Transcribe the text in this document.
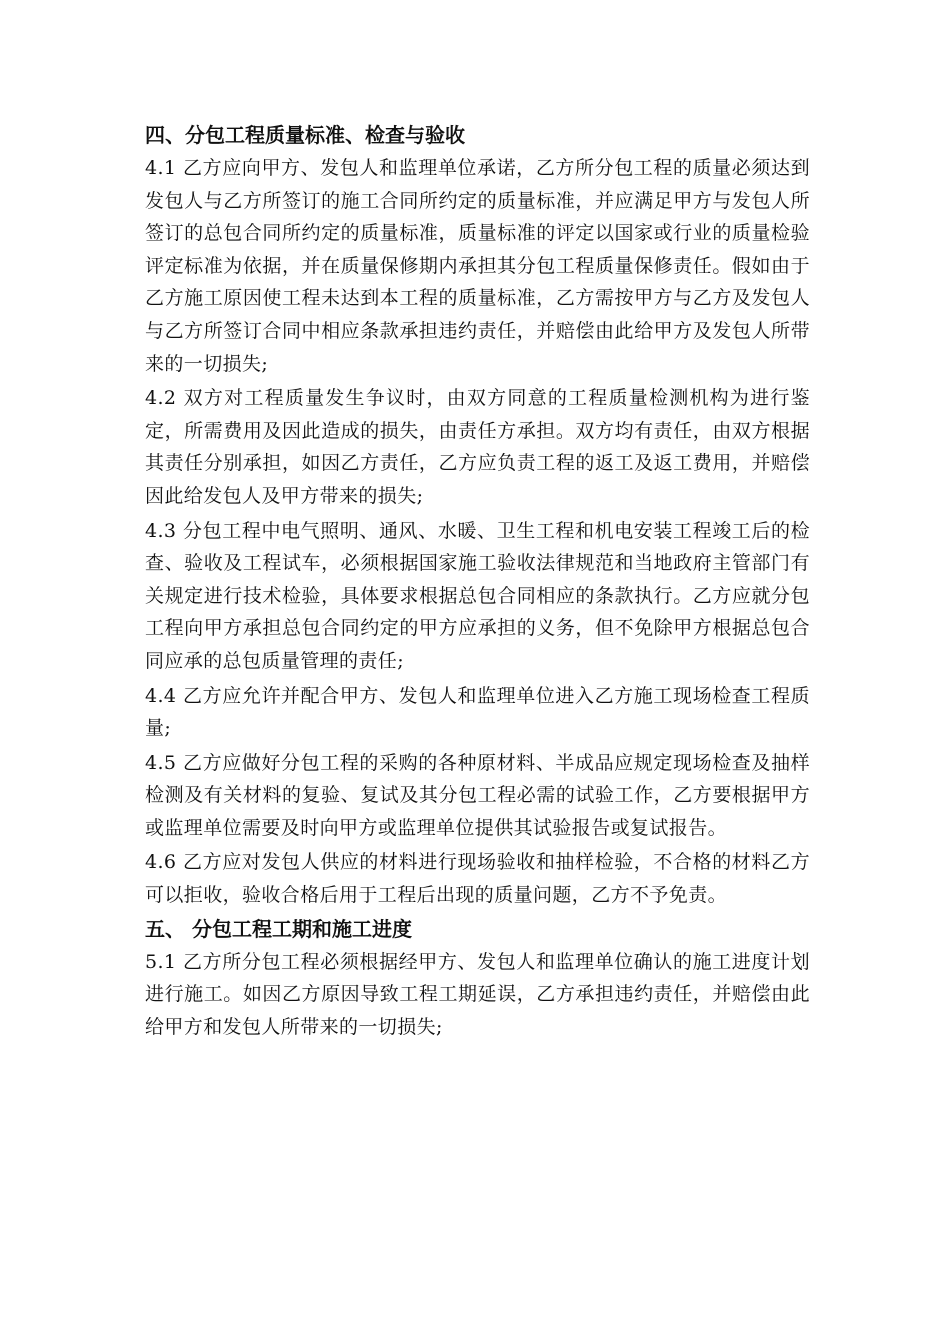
四、分包工程质量标准、检查与验收

4.1 乙方应向甲方、发包人和监理单位承诺，乙方所分包工程的质量必须达到发包人与乙方所签订的施工合同所约定的质量标准，并应满足甲方与发包人所签订的总包合同所约定的质量标准，质量标准的评定以国家或行业的质量检验评定标准为依据，并在质量保修期内承担其分包工程质量保修责任。假如由于乙方施工原因使工程未达到本工程的质量标准，乙方需按甲方与乙方及发包人与乙方所签订合同中相应条款承担违约责任，并赔偿由此给甲方及发包人所带来的一切损失;

4.2 双方对工程质量发生争议时，由双方同意的工程质量检测机构为进行鉴定，所需费用及因此造成的损失，由责任方承担。双方均有责任，由双方根据其责任分别承担，如因乙方责任，乙方应负责工程的返工及返工费用，并赔偿因此给发包人及甲方带来的损失;

4.3 分包工程中电气照明、通风、水暖、卫生工程和机电安装工程竣工后的检查、验收及工程试车，必须根据国家施工验收法律规范和当地政府主管部门有关规定进行技术检验，具体要求根据总包合同相应的条款执行。乙方应就分包工程向甲方承担总包合同约定的甲方应承担的义务，但不免除甲方根据总包合同应承的总包质量管理的责任;

4.4 乙方应允许并配合甲方、发包人和监理单位进入乙方施工现场检查工程质量;

4.5 乙方应做好分包工程的采购的各种原材料、半成品应规定现场检查及抽样检测及有关材料的复验、复试及其分包工程必需的试验工作，乙方要根据甲方或监理单位需要及时向甲方或监理单位提供其试验报告或复试报告。

4.6 乙方应对发包人供应的材料进行现场验收和抽样检验，不合格的材料乙方可以拒收，验收合格后用于工程后出现的质量问题，乙方不予免责。

五、 分包工程工期和施工进度

5.1 乙方所分包工程必须根据经甲方、发包人和监理单位确认的施工进度计划进行施工。如因乙方原因导致工程工期延误，乙方承担违约责任，并赔偿由此给甲方和发包人所带来的一切损失;
